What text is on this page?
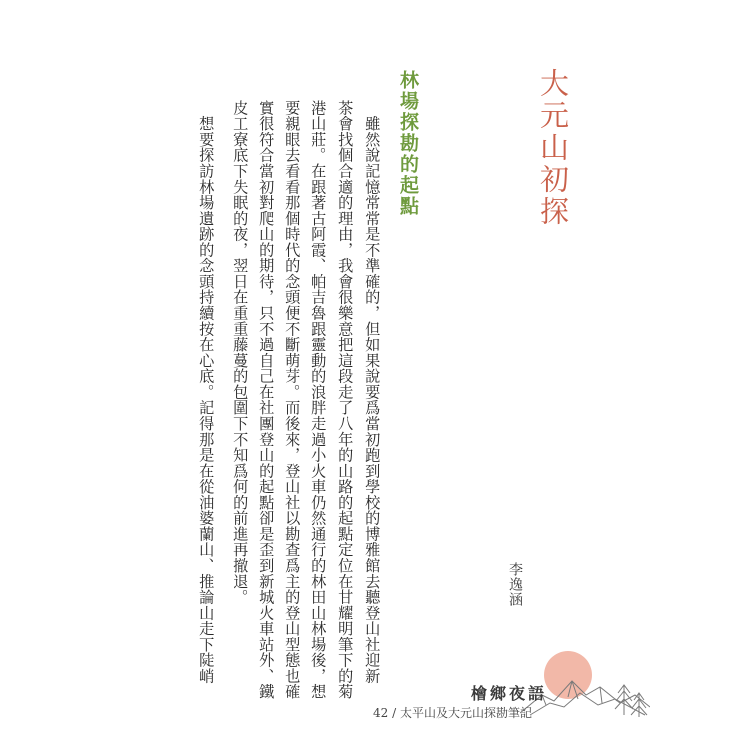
大元山初探
林場探勘的起點
　雖然說記憶常常是不準確的，但如果說要爲當初跑到學校的博雅館去聽登山社迎新
茶會找個合適的理由，我會很樂意把這段走了八年的山路的起點定位在甘耀明筆下的菊
港山莊。在跟著古阿霞、帕吉魯跟靈動的浪胖走過小火車仍然通行的林田山林場後，想
要親眼去看看那個時代的念頭便不斷萌芽。而後來，登山社以勘查爲主的登山型態也確
實很符合當初對爬山的期待，只不過自己在社團登山的起點卻是歪到新城火車站外、鐵
皮工寮底下失眠的夜，翌日在重重藤蔓的包圍下不知爲何的前進再撤退。
　想要探訪林場遺跡的念頭持續按在心底。記得那是在從油婆蘭山、推論山走下陡峭	李逸涵
檜鄉夜語
42 / 太平山及大元山探勘筆記
